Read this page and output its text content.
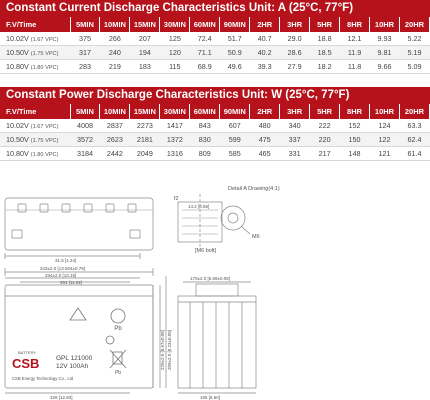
Constant Current Discharge Characteristics Unit: A (25°C, 77°F)
F.V/Time	5MIN	10MIN	15MIN	30MIN	60MIN	90MIN	2HR	3HR	5HR	8HR	10HR	20HR
10.02V (1.67 VPC)	375	266	207	125	72.4	51.7	40.7	29.0	18.8	12.1	9.93	5.22
10.50V (1.75 VPC)	317	240	194	120	71.1	50.9	40.2	28.6	18.5	11.9	9.81	5.19
10.80V (1.80 VPC)	283	219	183	115	68.9	49.6	39.3	27.9	18.2	11.8	9.66	5.09
Constant Power Discharge Characteristics Unit: W (25°C, 77°F)
F.V/Time	5MIN	10MIN	15MIN	30MIN	60MIN	90MIN	2HR	3HR	5HR	8HR	10HR	20HR
10.02V (1.67 VPC)	4008	2837	2273	1417	843	607	480	340	222	152	124	63.3
10.50V (1.75 VPC)	3572	2623	2181	1372	830	599	475	337	220	150	122	62.4
10.80V (1.80 VPC)	3184	2442	2049	1316	809	585	465	331	217	148	121	61.4
Detail A Drawing(4:1)
f2
[M6 bolt]
M6
31.5 [1.24]
343±2.0 [13.504±0.79]
334±2.0 [13.15]
281 [11.02]
326 [12.83]
170±2.0 [6.69±0.08]
165 [6.50]
14.2 [0.56]
220±2.0 [8.67±0.08] 209±2.0 [8.23±0.08]
Pb
Pb
BATTERY
CSB	GPL 121000
12V 100Ah
CSB Energy Technology Co., Ltd
